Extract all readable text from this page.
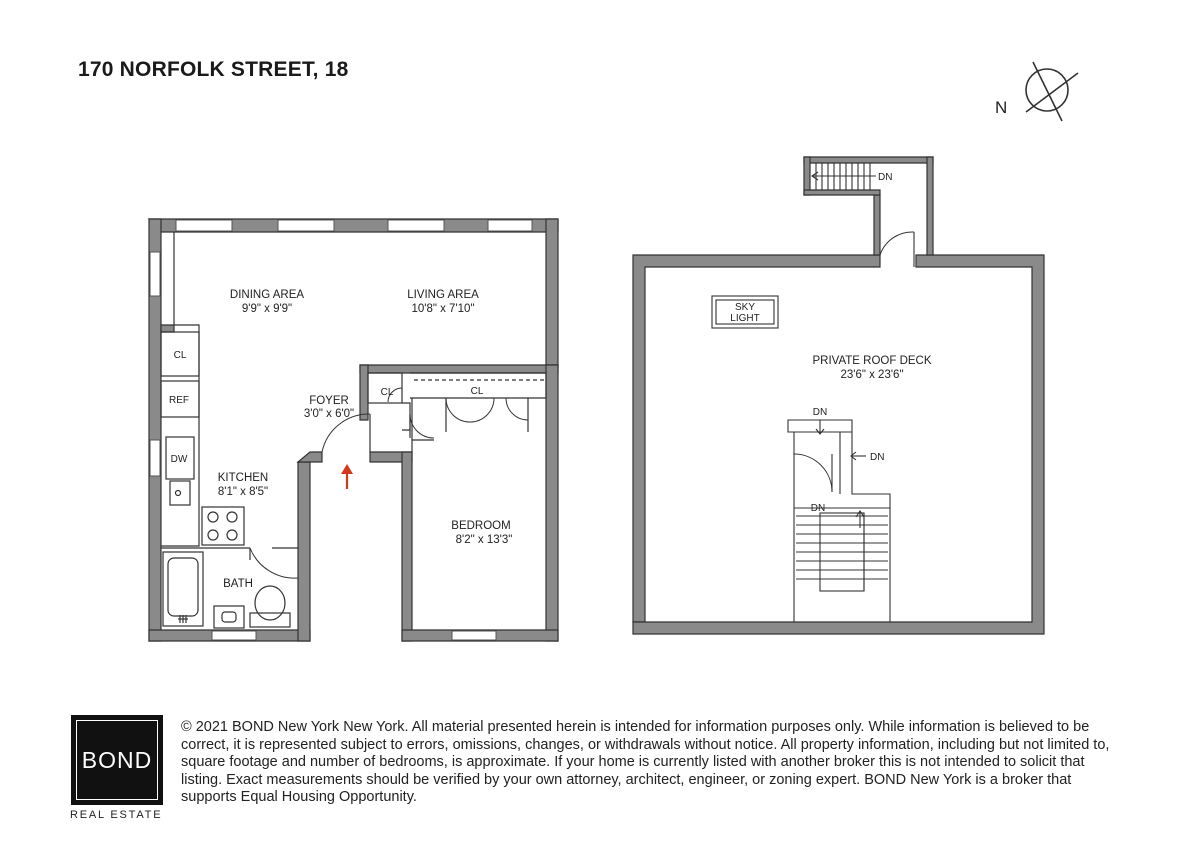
170 NORFOLK STREET, 18
N
DINING AREA
9'9" x 9'9"
LIVING AREA
10'8" x 7'10"
FOYER
3'0" x 6'0"
KITCHEN
8'1" x 8'5"
BEDROOM
8'2" x 13'3"
BATH
CL
REF
DW
CL	CL
SKY
LIGHT
PRIVATE ROOF DECK
23'6" x 23'6"
DN
DN
DN
DN
BOND
REAL ESTATE
© 2021 BOND New York New York. All material presented herein is intended for information purposes only. While information is believed to be correct, it is represented subject to errors, omissions, changes, or withdrawals without notice. All property information, including but not limited to, square footage and number of bedrooms, is approximate. If your home is currently listed with another broker this is not intended to solicit that listing. Exact measurements should be verified by your own attorney, architect, engineer, or zoning expert. BOND New York is a broker that supports Equal Housing Opportunity.
